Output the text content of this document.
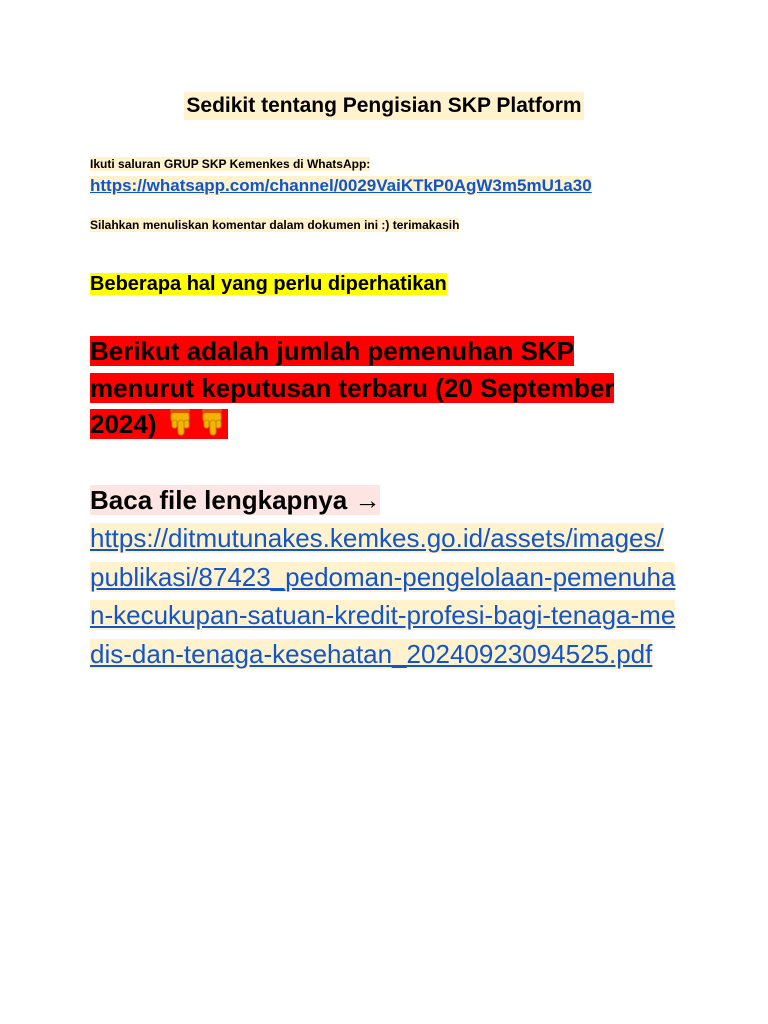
Sedikit tentang Pengisian SKP Platform
Ikuti saluran GRUP SKP Kemenkes di WhatsApp:
https://whatsapp.com/channel/0029VaiKTkP0AgW3m5mU1a30
Silahkan menuliskan komentar dalam dokumen ini :) terimakasih
Beberapa hal yang perlu diperhatikan
Berikut adalah jumlah pemenuhan SKP menurut keputusan terbaru (20 September 2024)
Baca file lengkapnya →
https://ditmutunakes.kemkes.go.id/assets/images/publikasi/87423_pedoman-pengelolaan-pemenuhan-kecukupan-satuan-kredit-profesi-bagi-tenaga-medis-dan-tenaga-kesehatan_20240923094525.pdf
